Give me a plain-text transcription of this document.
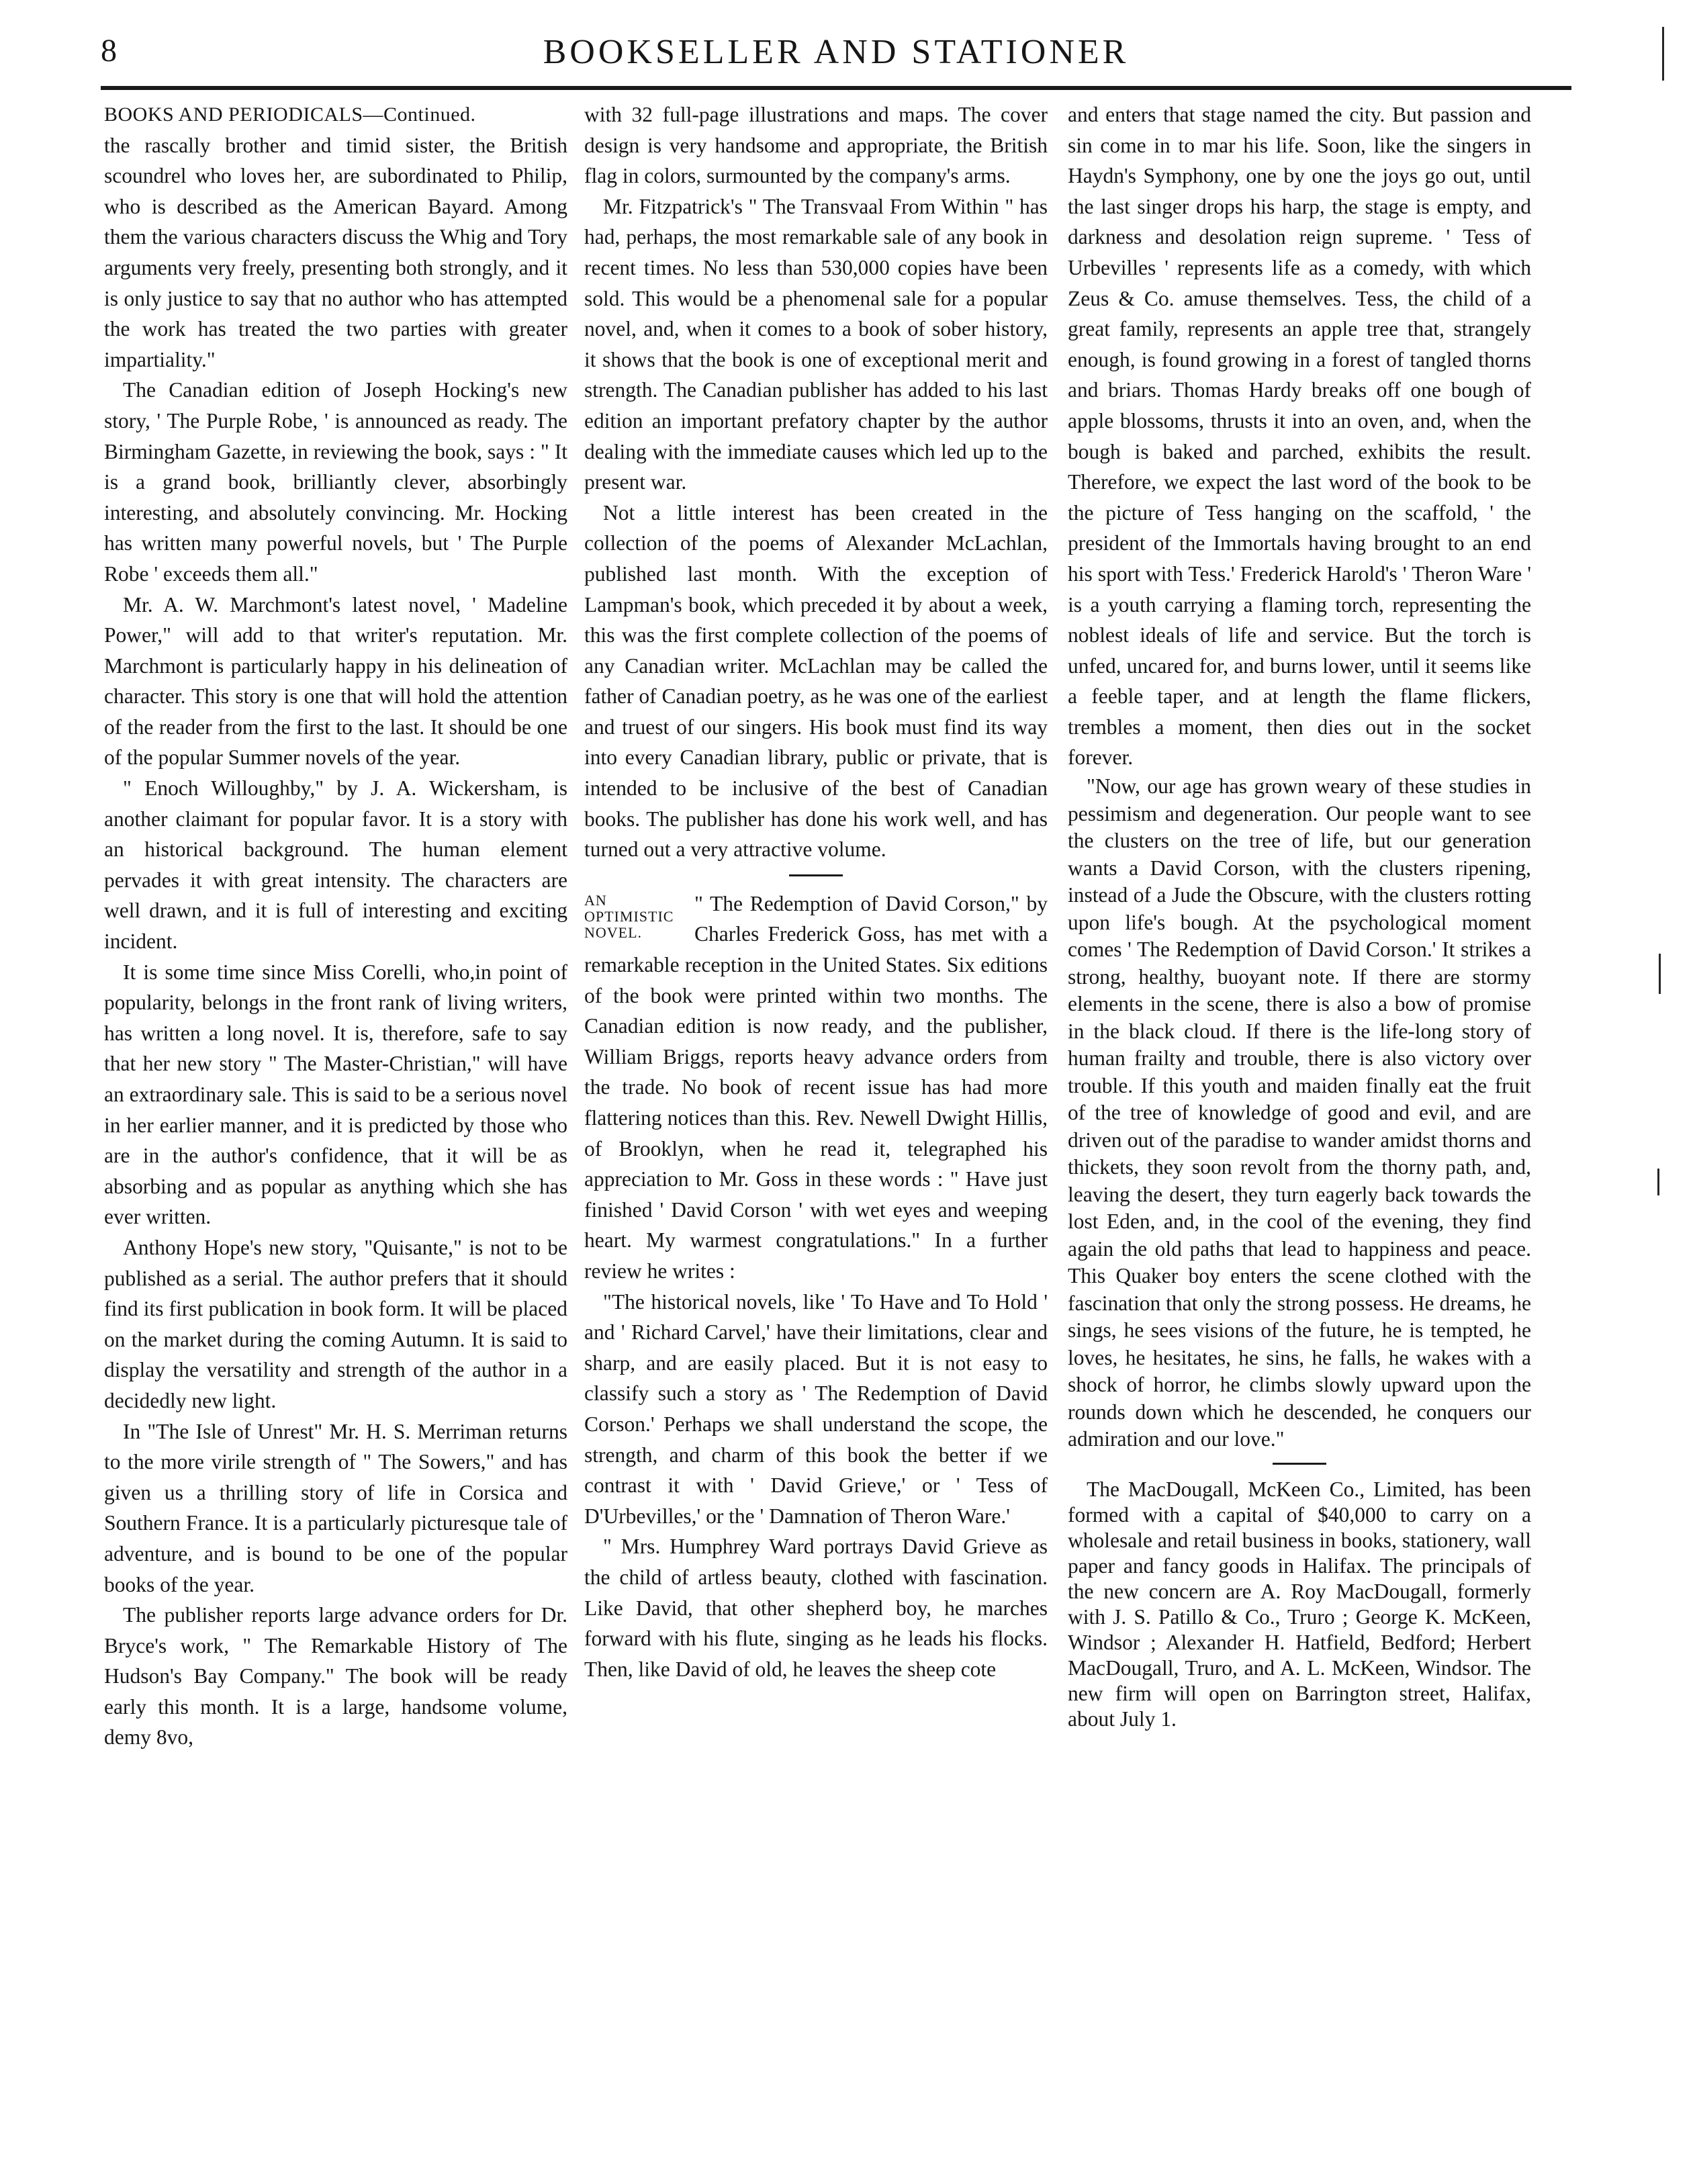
8	BOOKSELLER AND STATIONER

BOOKS AND PERIODICALS—Continued.

the rascally brother and timid sister, the British scoundrel who loves her, are subordinated to Philip, who is described as the American Bayard. Among them the various characters discuss the Whig and Tory arguments very freely, presenting both strongly, and it is only justice to say that no author who has attempted the work has treated the two parties with greater impartiality."

The Canadian edition of Joseph Hocking's new story, ' The Purple Robe, ' is announced as ready. The Birmingham Gazette, in reviewing the book, says : " It is a grand book, brilliantly clever, absorbingly interesting, and absolutely convincing. Mr. Hocking has written many powerful novels, but ' The Purple Robe ' exceeds them all."

Mr. A. W. Marchmont's latest novel, ' Madeline Power," will add to that writer's reputation. Mr. Marchmont is particularly happy in his delineation of character. This story is one that will hold the attention of the reader from the first to the last. It should be one of the popular Summer novels of the year.

" Enoch Willoughby," by J. A. Wickersham, is another claimant for popular favor. It is a story with an historical background. The human element pervades it with great intensity. The characters are well drawn, and it is full of interesting and exciting incident.

It is some time since Miss Corelli, who,in point of popularity, belongs in the front rank of living writers, has written a long novel. It is, therefore, safe to say that her new story " The Master-Christian," will have an extraordinary sale. This is said to be a serious novel in her earlier manner, and it is predicted by those who are in the author's confidence, that it will be as absorbing and as popular as anything which she has ever written.

Anthony Hope's new story, "Quisante," is not to be published as a serial. The author prefers that it should find its first publication in book form. It will be placed on the market during the coming Autumn. It is said to display the versatility and strength of the author in a decidedly new light.

In "The Isle of Unrest" Mr. H. S. Merriman returns to the more virile strength of " The Sowers," and has given us a thrilling story of life in Corsica and Southern France. It is a particularly picturesque tale of adventure, and is bound to be one of the popular books of the year.

The publisher reports large advance orders for Dr. Bryce's work, " The Remarkable History of The Hudson's Bay Company." The book will be ready early this month. It is a large, handsome volume, demy 8vo,

with 32 full-page illustrations and maps. The cover design is very handsome and appropriate, the British flag in colors, surmounted by the company's arms.

Mr. Fitzpatrick's " The Transvaal From Within " has had, perhaps, the most remarkable sale of any book in recent times. No less than 530,000 copies have been sold. This would be a phenomenal sale for a popular novel, and, when it comes to a book of sober history, it shows that the book is one of exceptional merit and strength. The Canadian publisher has added to his last edition an important prefatory chapter by the author dealing with the immediate causes which led up to the present war.

Not a little interest has been created in the collection of the poems of Alexander McLachlan, published last month. With the exception of Lampman's book, which preceded it by about a week, this was the first complete collection of the poems of any Canadian writer. McLachlan may be called the father of Canadian poetry, as he was one of the earliest and truest of our singers. His book must find its way into every Canadian library, public or private, that is intended to be inclusive of the best of Canadian books. The publisher has done his work well, and has turned out a very attractive volume.

AN OPTIMISTIC NOVEL.
" The Redemption of David Corson," by Charles Frederick Goss, has met with a remarkable reception in the United States. Six editions of the book were printed within two months. The Canadian edition is now ready, and the publisher, William Briggs, reports heavy advance orders from the trade. No book of recent issue has had more flattering notices than this. Rev. Newell Dwight Hillis, of Brooklyn, when he read it, telegraphed his appreciation to Mr. Goss in these words : " Have just finished ' David Corson ' with wet eyes and weeping heart. My warmest congratulations." In a further review he writes :

"The historical novels, like ' To Have and To Hold ' and ' Richard Carvel,' have their limitations, clear and sharp, and are easily placed. But it is not easy to classify such a story as ' The Redemption of David Corson.' Perhaps we shall understand the scope, the strength, and charm of this book the better if we contrast it with ' David Grieve,' or ' Tess of D'Urbevilles,' or the ' Damnation of Theron Ware.'

" Mrs. Humphrey Ward portrays David Grieve as the child of artless beauty, clothed with fascination. Like David, that other shepherd boy, he marches forward with his flute, singing as he leads his flocks. Then, like David of old, he leaves the sheep cote

and enters that stage named the city. But passion and sin come in to mar his life. Soon, like the singers in Haydn's Symphony, one by one the joys go out, until the last singer drops his harp, the stage is empty, and darkness and desolation reign supreme. ' Tess of Urbevilles ' represents life as a comedy, with which Zeus & Co. amuse themselves. Tess, the child of a great family, represents an apple tree that, strangely enough, is found growing in a forest of tangled thorns and briars. Thomas Hardy breaks off one bough of apple blossoms, thrusts it into an oven, and, when the bough is baked and parched, exhibits the result. Therefore, we expect the last word of the book to be the picture of Tess hanging on the scaffold, ' the president of the Immortals having brought to an end his sport with Tess.' Frederick Harold's ' Theron Ware ' is a youth carrying a flaming torch, representing the noblest ideals of life and service. But the torch is unfed, uncared for, and burns lower, until it seems like a feeble taper, and at length the flame flickers, trembles a moment, then dies out in the socket forever.

"Now, our age has grown weary of these studies in pessimism and degeneration. Our people want to see the clusters on the tree of life, but our generation wants a David Corson, with the clusters ripening, instead of a Jude the Obscure, with the clusters rotting upon life's bough. At the psychological moment comes ' The Redemption of David Corson.' It strikes a strong, healthy, buoyant note. If there are stormy elements in the scene, there is also a bow of promise in the black cloud. If there is the life-long story of human frailty and trouble, there is also victory over trouble. If this youth and maiden finally eat the fruit of the tree of knowledge of good and evil, and are driven out of the paradise to wander amidst thorns and thickets, they soon revolt from the thorny path, and, leaving the desert, they turn eagerly back towards the lost Eden, and, in the cool of the evening, they find again the old paths that lead to happiness and peace. This Quaker boy enters the scene clothed with the fascination that only the strong possess. He dreams, he sings, he sees visions of the future, he is tempted, he loves, he hesitates, he sins, he falls, he wakes with a shock of horror, he climbs slowly upward upon the rounds down which he descended, he conquers our admiration and our love."

The MacDougall, McKeen Co., Limited, has been formed with a capital of $40,000 to carry on a wholesale and retail business in books, stationery, wall paper and fancy goods in Halifax. The principals of the new concern are A. Roy MacDougall, formerly with J. S. Patillo & Co., Truro ; George K. McKeen, Windsor ; Alexander H. Hatfield, Bedford; Herbert MacDougall, Truro, and A. L. McKeen, Windsor. The new firm will open on Barrington street, Halifax, about July 1.
